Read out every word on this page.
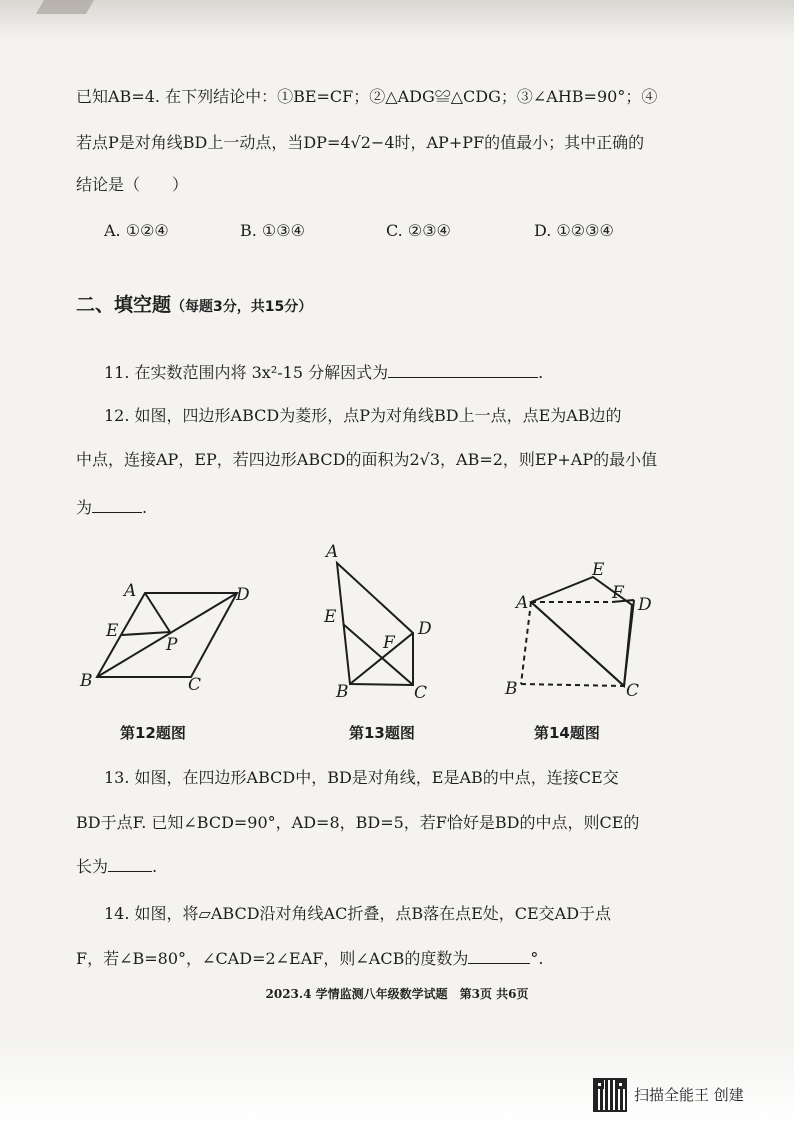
已知AB=4. 在下列结论中：①BE=CF；②△ADG≌△CDG；③∠AHB=90°；④
若点P是对角线BD上一动点，当DP=4√2−4时，AP+PF的值最小；其中正确的
结论是（　　）
A. ①②④	B. ①③④	C. ②③④	D. ①②③④
二、填空题（每题3分，共15分）
11. 在实数范围内将 3x²-15 分解因式为	.
12. 如图，四边形ABCD为菱形，点P为对角线BD上一点，点E为AB边的
中点，连接AP，EP，若四边形ABCD的面积为2√3，AB=2，则EP+AP的最小值
为	.
A	D
E
P
B	C
A
E
D
F
B	C
E
A	F
D
B	C
第12题图	第13题图	第14题图
13. 如图，在四边形ABCD中，BD是对角线，E是AB的中点，连接CE交
BD于点F. 已知∠BCD=90°，AD=8，BD=5，若F恰好是BD的中点，则CE的
长为	.
14. 如图，将▱ABCD沿对角线AC折叠，点B落在点E处，CE交AD于点
F，若∠B=80°，∠CAD=2∠EAF，则∠ACB的度数为	°.
2023.4 学情监测八年级数学试题　第3页 共6页
扫描全能王 创建
